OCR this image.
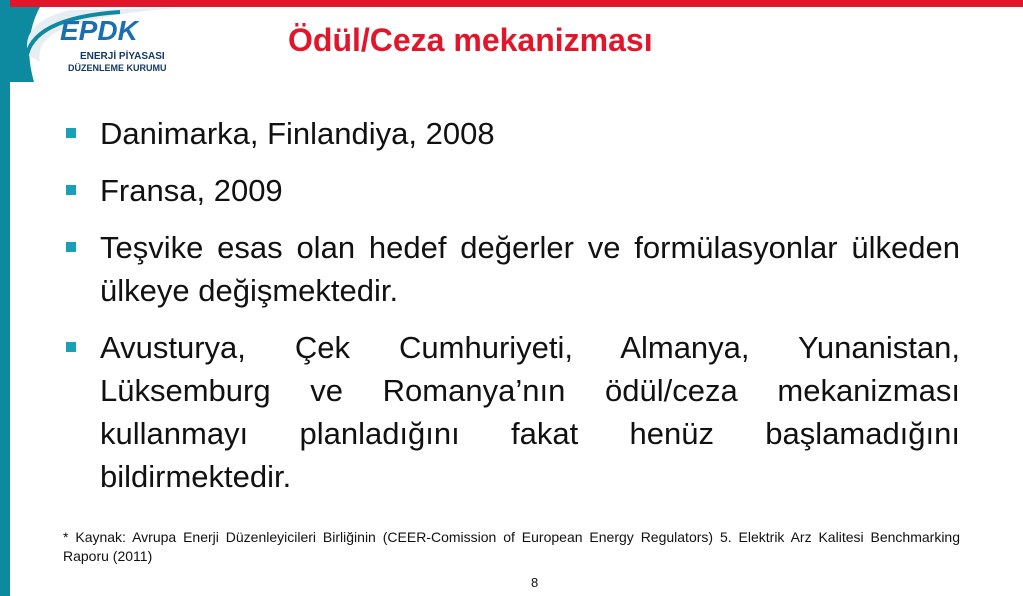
EPDK
ENERJİ PİYASASI
DÜZENLEME KURUMU
Ödül/Ceza mekanizması
Danimarka, Finlandiya, 2008
Fransa, 2009
Teşvike esas olan hedef değerler ve formülasyonlar ülkeden ülkeye değişmektedir.
Avusturya, Çek Cumhuriyeti, Almanya, Yunanistan, Lüksemburg ve Romanya’nın ödül/ceza mekanizması kullanmayı planladığını fakat henüz başlamadığını bildirmektedir.
* Kaynak: Avrupa Enerji Düzenleyicileri Birliğinin (CEER-Comission of European Energy Regulators) 5. Elektrik Arz Kalitesi Benchmarking Raporu (2011)
8
